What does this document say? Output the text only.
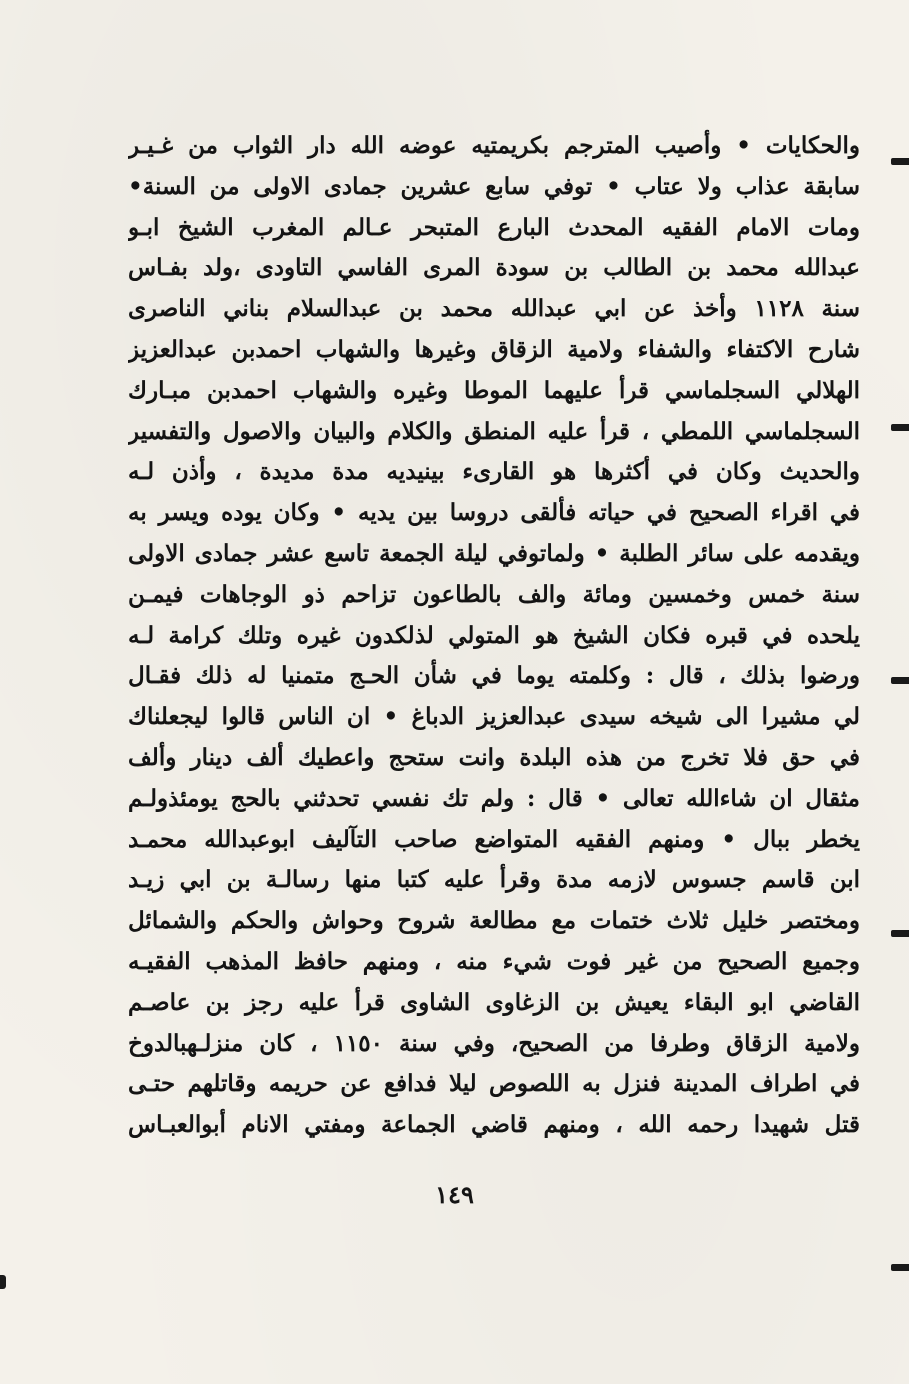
والحكايات • وأصيب المترجم بكريمتيه عوضه الله دار الثواب من غـيـر
سابقة عذاب ولا عتاب • توفي سابع عشرين جمادى الاولى من السنة•
ومات الامام الفقيه المحدث البارع المتبحر عـالم المغرب الشيخ ابـو
عبدالله محمد بن الطالب بن سودة المرى الفاسي التاودى ،ولد بفـاس
سنة ١١٢٨ وأخذ عن ابي عبدالله محمد بن عبدالسلام بناني الناصرى
شارح الاكتفاء والشفاء ولامية الزقاق وغيرها والشهاب احمدبن عبدالعزيز
الهلالي السجلماسي قرأ عليهما الموطا وغيره والشهاب احمدبن مبـارك
السجلماسي اللمطي ، قرأ عليه المنطق والكلام والبيان والاصول والتفسير
والحديث وكان في أكثرها هو القارىء بينيديه مدة مديدة ، وأذن لـه
في اقراء الصحيح في حياته فألقى دروسا بين يديه • وكان يوده ويسر به
ويقدمه على سائر الطلبة • ولماتوفي ليلة الجمعة تاسع عشر جمادى الاولى
سنة خمس وخمسين ومائة والف بالطاعون تزاحم ذو الوجاهات فيمـن
يلحده في قبره فكان الشيخ هو المتولي لذلكدون غيره وتلك كرامة لـه
ورضوا بذلك ، قال : وكلمته يوما في شأن الحـج متمنيا له ذلك فقـال
لي مشيرا الى شيخه سيدى عبدالعزيز الدباغ • ان الناس قالوا ليجعلناك
في حق فلا تخرج من هذه البلدة وانت ستحج واعطيك ألف دينار وألف
مثقال ان شاءالله تعالى • قال : ولم تك نفسي تحدثني بالحج يومئذولـم
يخطر ببال • ومنهم الفقيه المتواضع صاحب التآليف ابوعبدالله محمـد
ابن قاسم جسوس لازمه مدة وقرأ عليه كتبا منها رسالـة بن ابي زيـد
ومختصر خليل ثلاث ختمات مع مطالعة شروح وحواش والحكم والشمائل
وجميع الصحيح من غير فوت شيء منه ، ومنهم حافظ المذهب الفقيـه
القاضي ابو البقاء يعيش بن الزغاوى الشاوى قرأ عليه رجز بن عاصـم
ولامية الزقاق وطرفا من الصحيح، وفي سنة ١١٥٠ ، كان منزلـهبالدوخ
في اطراف المدينة فنزل به اللصوص ليلا فدافع عن حريمه وقاتلهم حتـى
قتل شهيدا رحمه الله ، ومنهم قاضي الجماعة ومفتي الانام أبوالعبـاس
١٤٩
